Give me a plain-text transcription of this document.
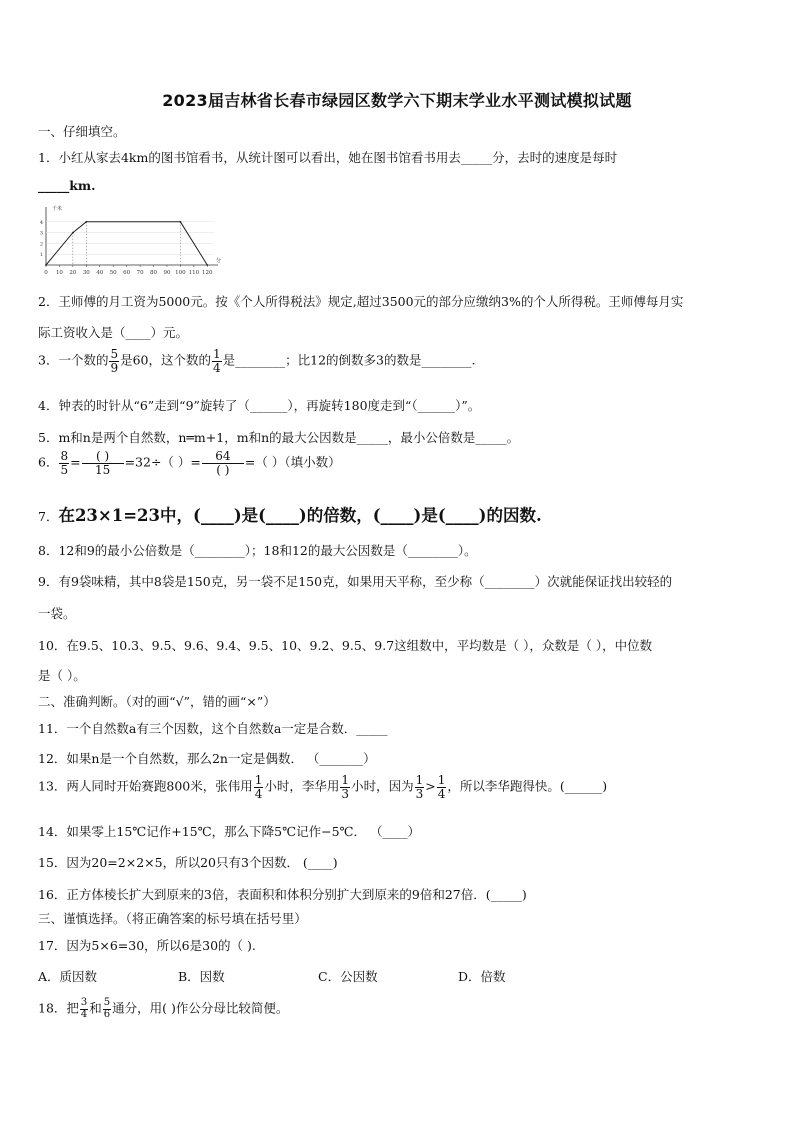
2023届吉林省长春市绿园区数学六下期末学业水平测试模拟试题
一、仔细填空。
1．小红从家去4km的图书馆看书，从统计图可以看出，她在图书馆看书用去_____分，去时的速度是每时
_____km.
1
2
3
4
0 10 20 30 40 50 60 70 80 90 100 110 120
千米
分
2．王师傅的月工资为5000元。按《个人所得税法》规定,超过3500元的部分应缴纳3%的个人所得税。王师傅每月实
际工资收入是（____）元。
3．一个数的 $\frac{5}{9}$ 是60，这个数的 $\frac{1}{4}$ 是________；比12的倒数多3的数是________.
4．钟表的时针从“6”走到“9”旋转了（______），再旋转180度走到“（______）”。
5．m和n是两个自然数，n═m+1，m和n的最大公因数是_____，最小公倍数是_____。
6． $\frac{8}{5} = \frac{( )}{15} =32\div$（ ）= $\frac{64}{( )}$ =（ ）（填小数）
7．在23×1=23中，(____)是(____)的倍数，(____)是(____)的因数.
8．12和9的最小公倍数是（________）；18和12的最大公因数是（________）。
9．有9袋味精，其中8袋是150克，另一袋不足150克，如果用天平称，至少称（________）次就能保证找出较轻的
一袋。
10．在9.5、10.3、9.5、9.6、9.4、9.5、10、9.2、9.5、9.7这组数中，平均数是（ ），众数是（ ），中位数
是（ ）。
二、准确判断。（对的画“√”，错的画“×”）
11．一个自然数a有三个因数，这个自然数a一定是合数．_____
12．如果n是一个自然数，那么2n一定是偶数． （_______）
13．两人同时开始赛跑800米，张伟用 $\frac{1}{4}$ 小时，李华用 $\frac{1}{3}$ 小时，因为 $\frac{1}{3} > \frac{1}{4}$ ，所以李华跑得快。(______)
14．如果零上15℃记作+15℃，那么下降5℃记作−5℃． （____）
15．因为20=2×2×5，所以20只有3个因数． (____)
16．正方体棱长扩大到原来的3倍，表面积和体积分别扩大到原来的9倍和27倍．(_____)
三、谨慎选择。（将正确答案的标号填在括号里）
17．因为5×6=30，所以6是30的（ ).
A．质因数	B．因数	C．公因数	D．倍数
18．把 $\frac{3}{4}$ 和 $\frac{5}{6}$ 通分，用( )作公分母比较简便。
